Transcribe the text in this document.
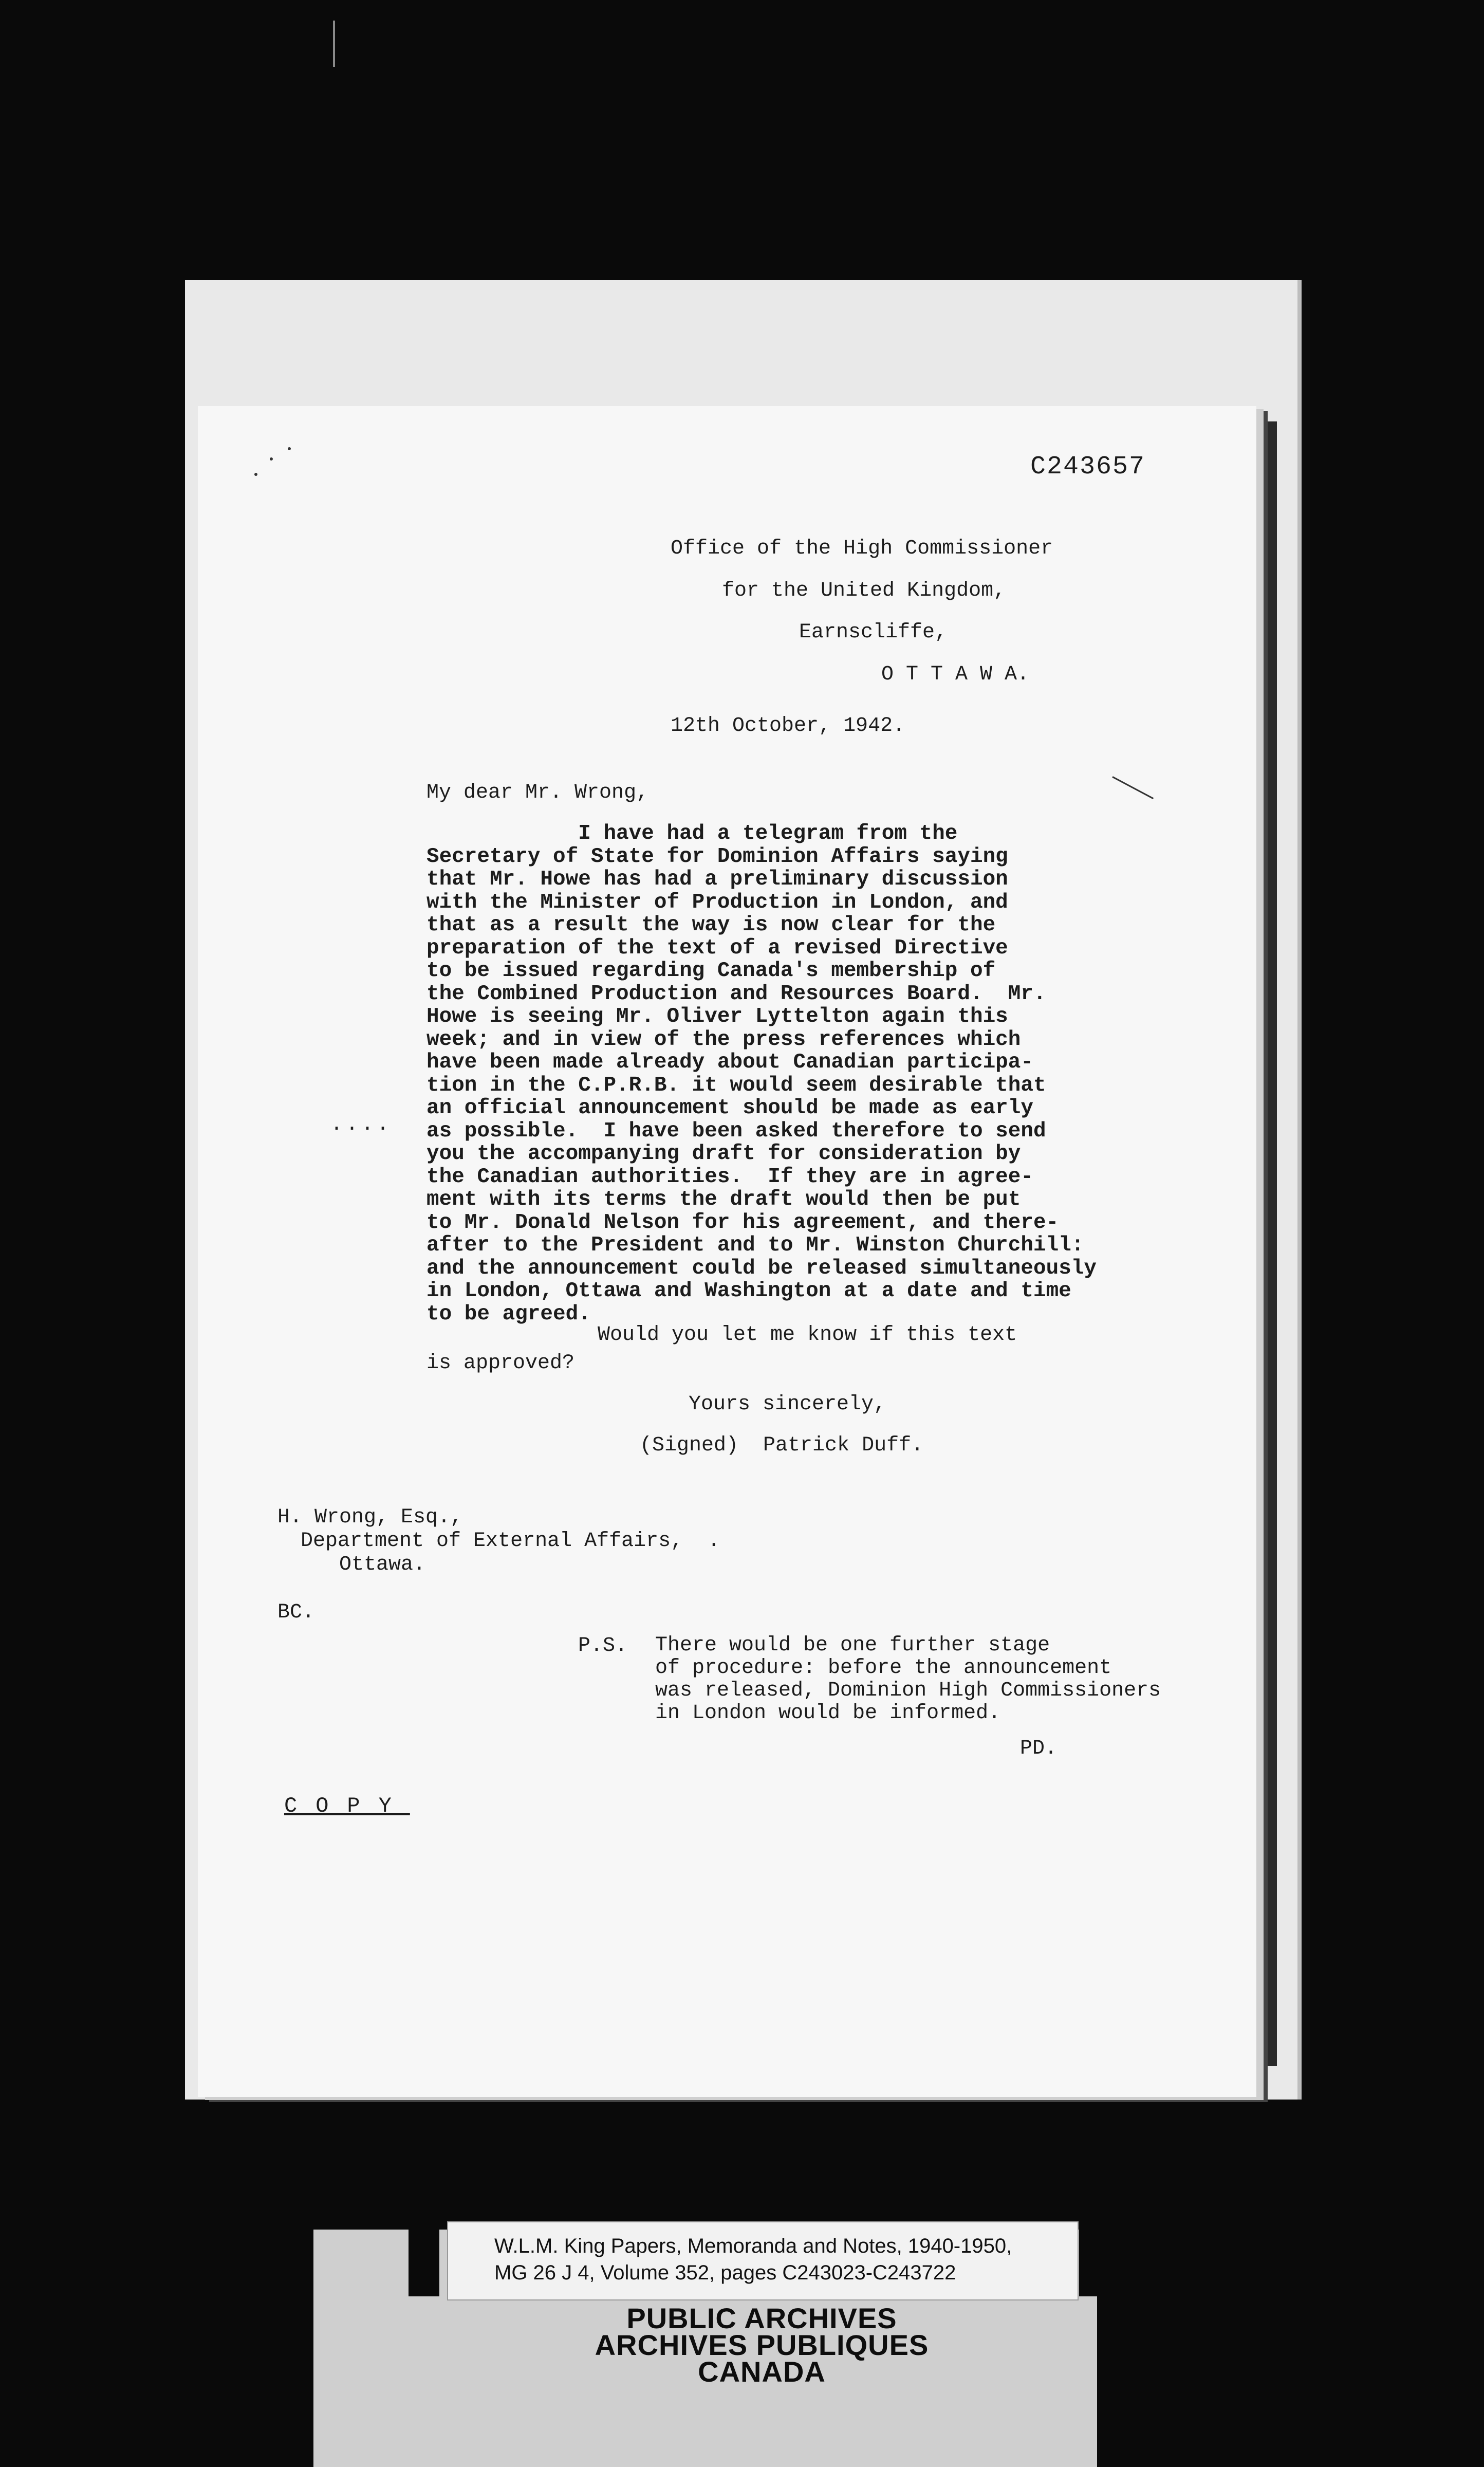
C243657

Office of the High Commissioner

for the United Kingdom,

Earnscliffe,

O T T A W A.

12th October, 1942.

My dear Mr. Wrong,

I have had a telegram from the
Secretary of State for Dominion Affairs saying
that Mr. Howe has had a preliminary discussion
with the Minister of Production in London, and
that as a result the way is now clear for the
preparation of the text of a revised Directive
to be issued regarding Canada's membership of
the Combined Production and Resources Board.  Mr.
Howe is seeing Mr. Oliver Lyttelton again this
week; and in view of the press references which
have been made already about Canadian participa-
tion in the C.P.R.B. it would seem desirable that
an official announcement should be made as early
as possible.  I have been asked therefore to send
you the accompanying draft for consideration by
the Canadian authorities.  If they are in agree-
ment with its terms the draft would then be put
to Mr. Donald Nelson for his agreement, and there-
after to the President and to Mr. Winston Churchill:
and the announcement could be released simultaneously
in London, Ottawa and Washington at a date and time
to be agreed.

....

Would you let me know if this text

is approved?

Yours sincerely,

(Signed)  Patrick Duff.

H. Wrong, Esq.,

Department of External Affairs,  .

Ottawa.

BC.

P.S. There would be one further stage
of procedure: before the announcement
was released, Dominion High Commissioners
in London would be informed.

PD.

COPY

W.L.M. King Papers, Memoranda and Notes, 1940-1950,

MG 26 J 4, Volume 352, pages C243023-C243722

PUBLIC ARCHIVES
ARCHIVES PUBLIQUES
CANADA
